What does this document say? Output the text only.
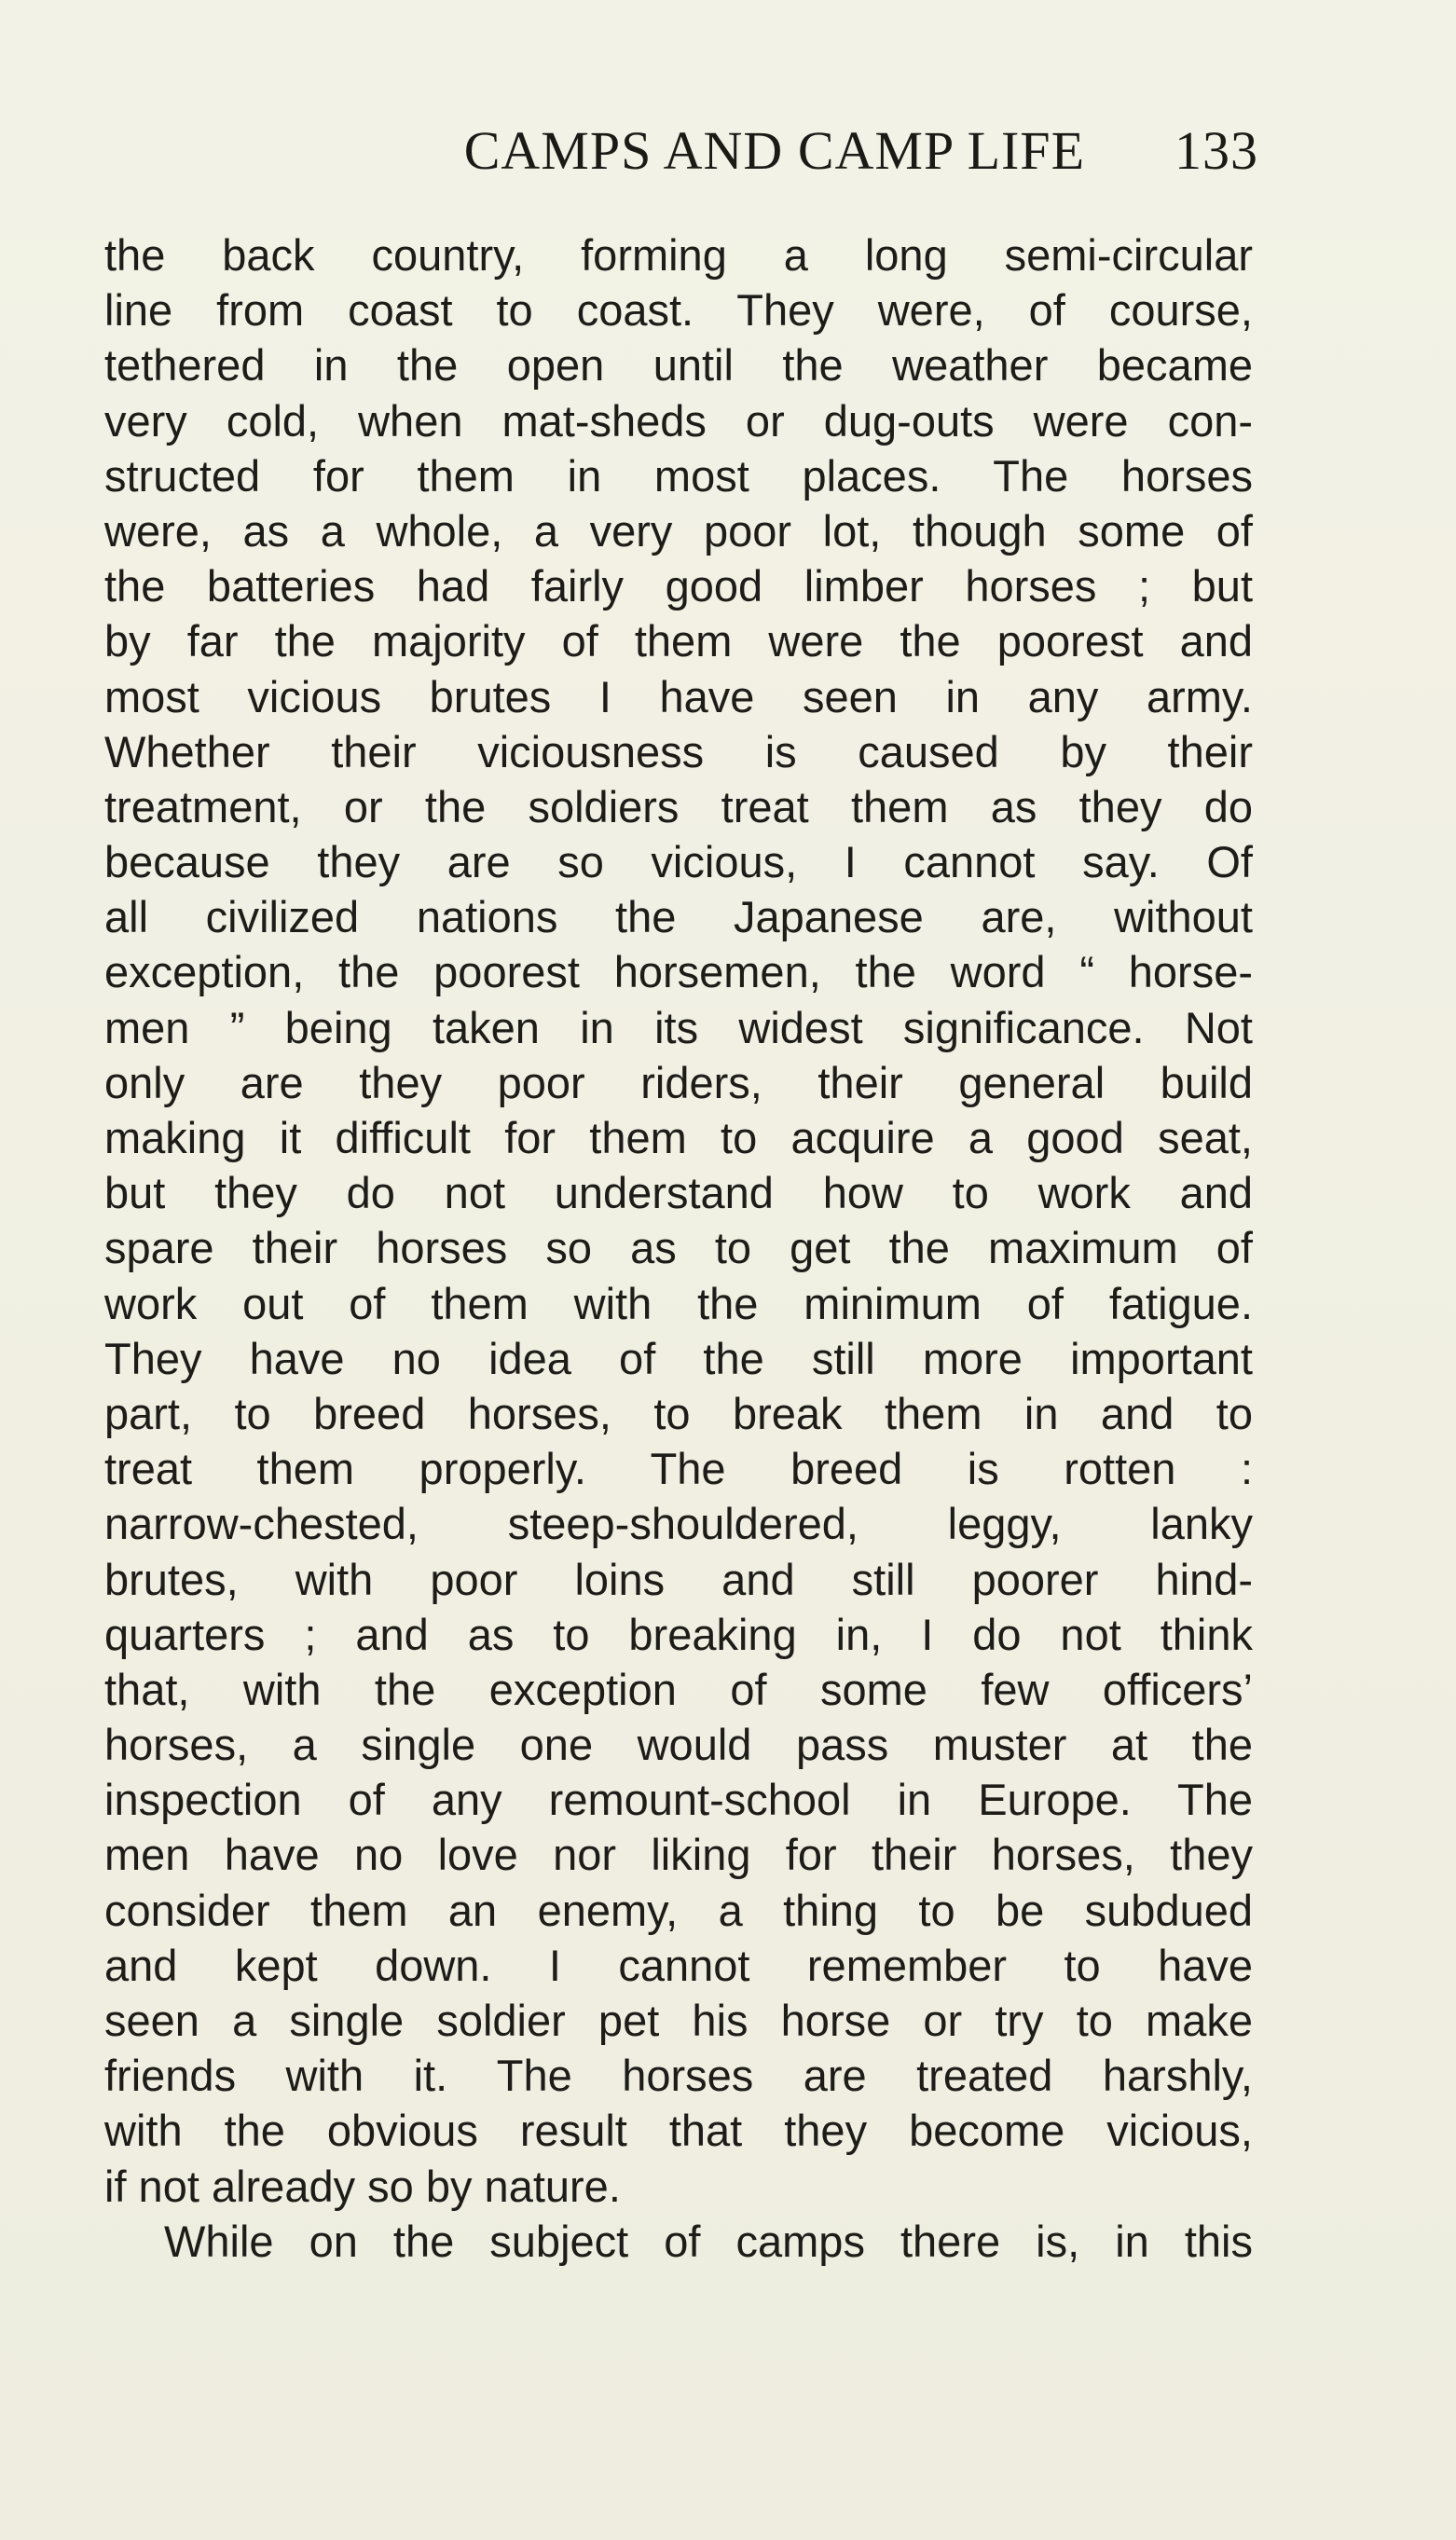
CAMPS AND CAMP LIFE 133
the back country, forming a long semi-circular
line from coast to coast. They were, of course,
tethered in the open until the weather became
very cold, when mat-sheds or dug-outs were con-
structed for them in most places. The horses
were, as a whole, a very poor lot, though some of
the batteries had fairly good limber horses ; but
by far the majority of them were the poorest and
most vicious brutes I have seen in any army.
Whether their viciousness is caused by their
treatment, or the soldiers treat them as they do
because they are so vicious, I cannot say. Of
all civilized nations the Japanese are, without
exception, the poorest horsemen, the word “ horse-
men ” being taken in its widest significance. Not
only are they poor riders, their general build
making it difficult for them to acquire a good seat,
but they do not understand how to work and
spare their horses so as to get the maximum of
work out of them with the minimum of fatigue.
They have no idea of the still more important
part, to breed horses, to break them in and to
treat them properly. The breed is rotten :
narrow-chested, steep-shouldered, leggy, lanky
brutes, with poor loins and still poorer hind-
quarters ; and as to breaking in, I do not think
that, with the exception of some few officers’
horses, a single one would pass muster at the
inspection of any remount-school in Europe. The
men have no love nor liking for their horses, they
consider them an enemy, a thing to be subdued
and kept down. I cannot remember to have
seen a single soldier pet his horse or try to make
friends with it. The horses are treated harshly,
with the obvious result that they become vicious,
if not already so by nature.
While on the subject of camps there is, in this
